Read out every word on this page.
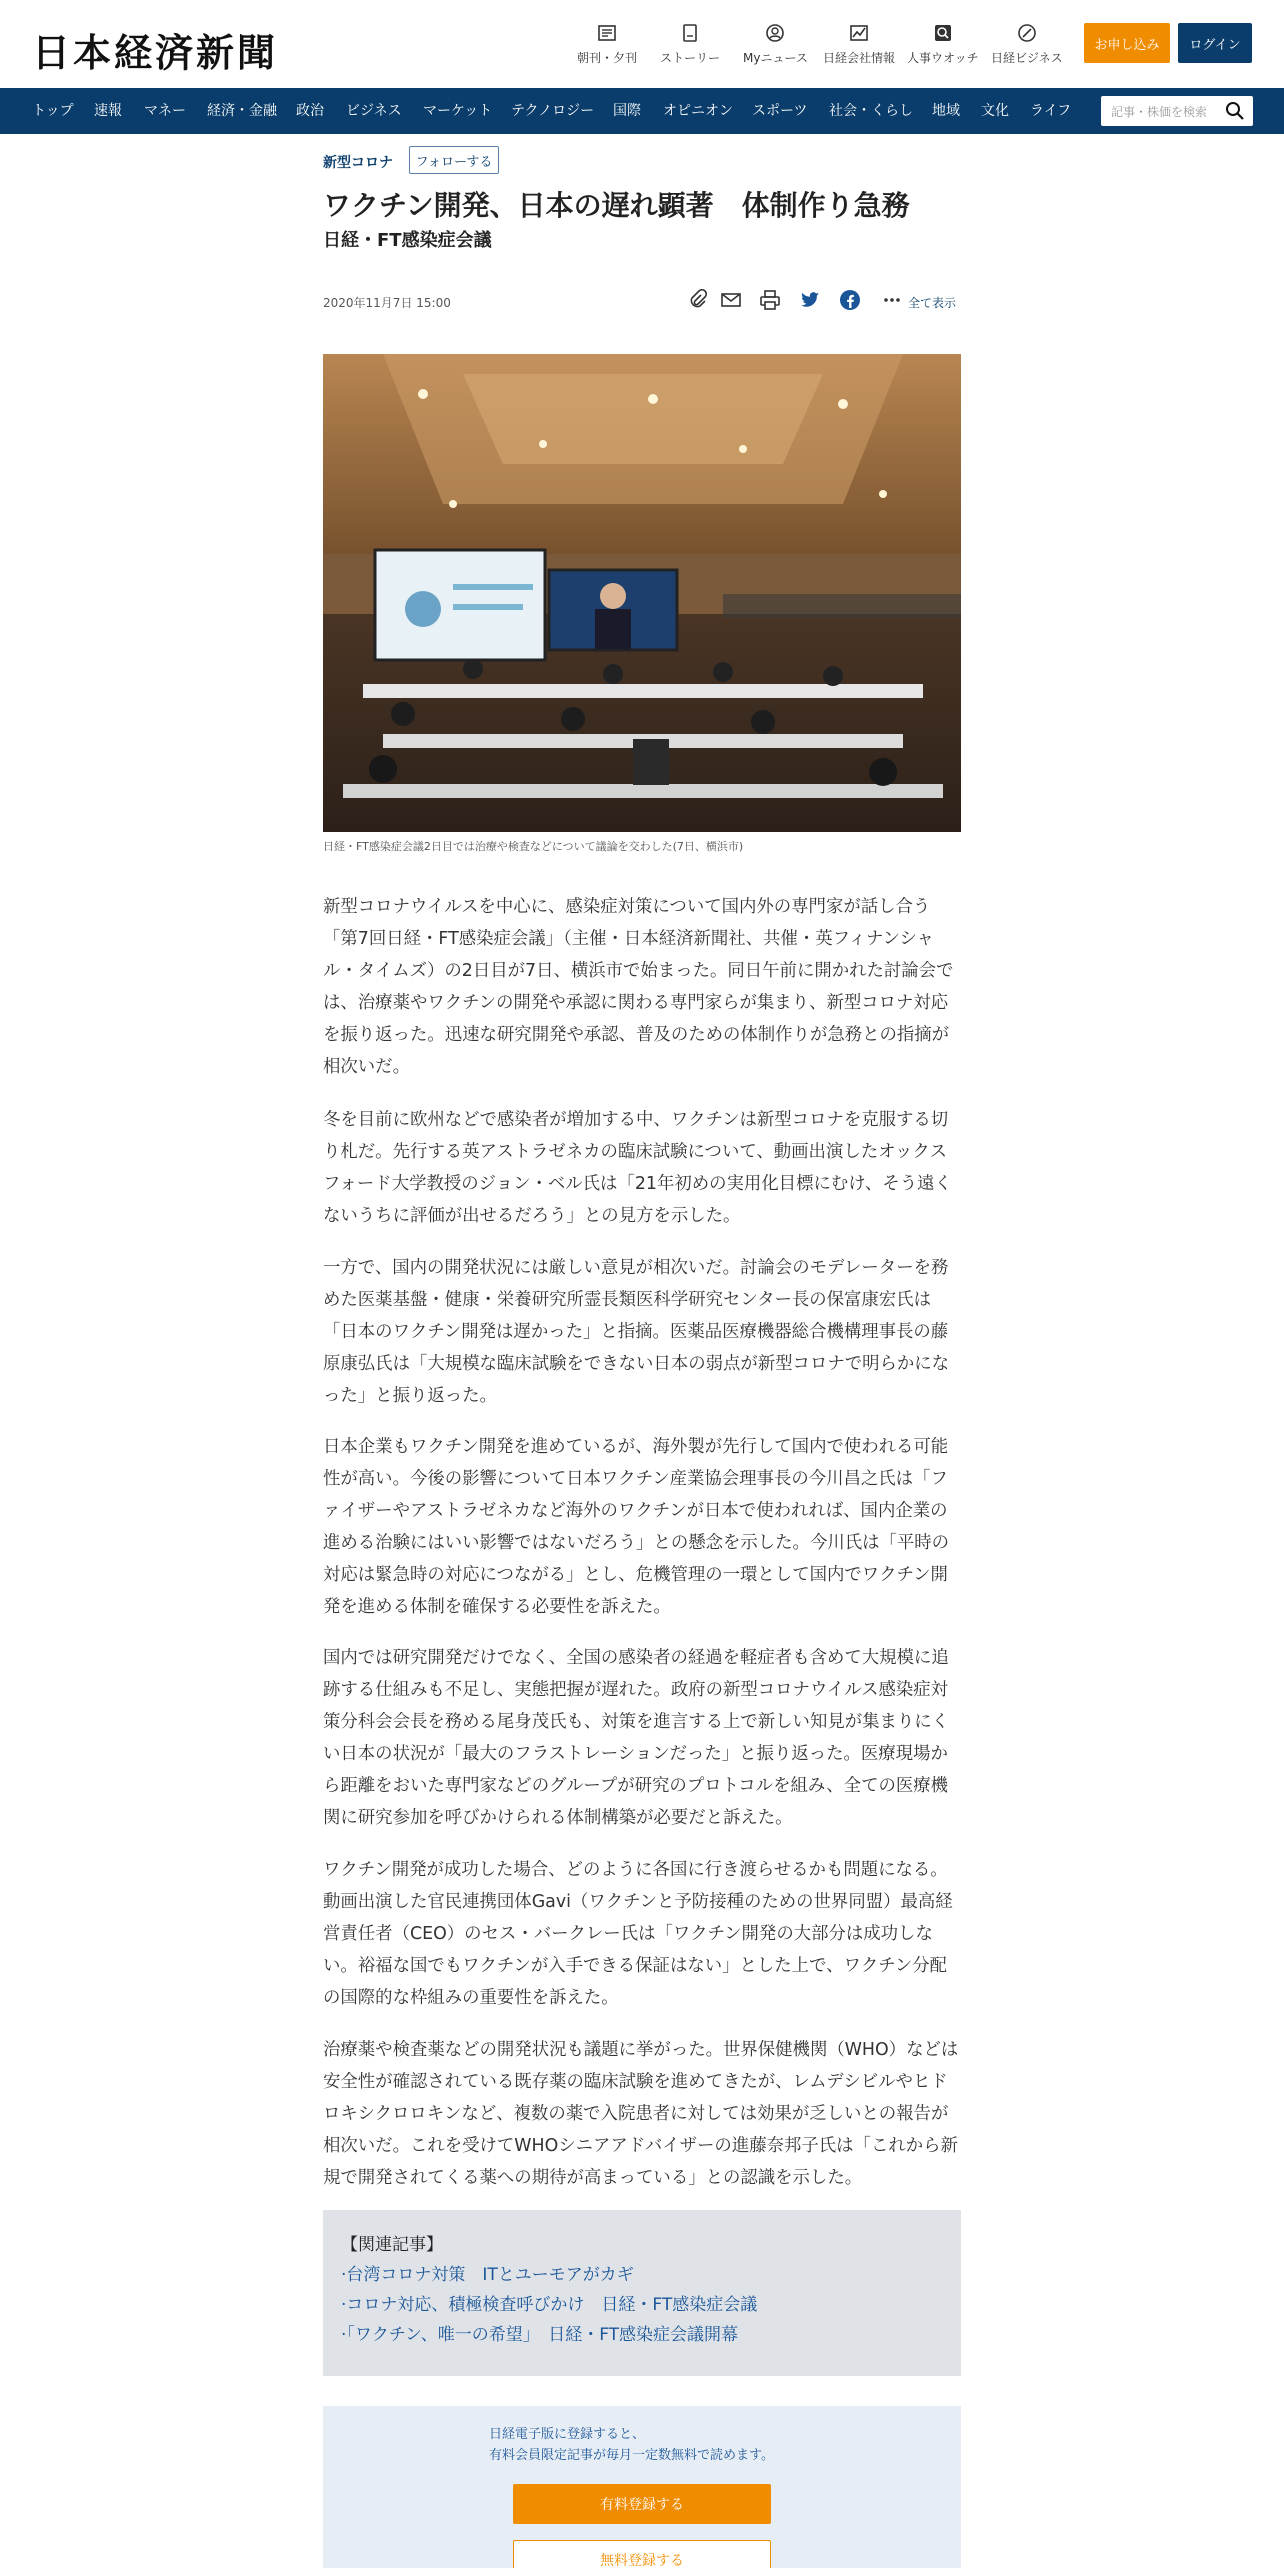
日本経済新聞	朝刊・夕刊 ストーリー Myニュース 日経会社情報 人事ウオッチ 日経ビジネス
お申し込み	ログイン
トップ 速報 マネー 経済・金融 政治 ビジネス マーケット テクノロジー 国際 オピニオン スポーツ 社会・くらし 地域 文化 ライフ	記事・株価を検索
新型コロナ	フォローする
ワクチン開発、日本の遅れ顕著　体制作り急務
日経・FT感染症会議
2020年11月7日 15:00	全て表示
日経・FT感染症会議2日目では治療や検査などについて議論を交わした(7日、横浜市)

新型コロナウイルスを中心に、感染症対策について国内外の専門家が話し合う「第7回日経・FT感染症会議」（主催・日本経済新聞社、共催・英フィナンシャル・タイムズ）の2日目が7日、横浜市で始まった。同日午前に開かれた討論会では、治療薬やワクチンの開発や承認に関わる専門家らが集まり、新型コロナ対応を振り返った。迅速な研究開発や承認、普及のための体制作りが急務との指摘が相次いだ。

冬を目前に欧州などで感染者が増加する中、ワクチンは新型コロナを克服する切り札だ。先行する英アストラゼネカの臨床試験について、動画出演したオックスフォード大学教授のジョン・ベル氏は「21年初めの実用化目標にむけ、そう遠くないうちに評価が出せるだろう」との見方を示した。

一方で、国内の開発状況には厳しい意見が相次いだ。討論会のモデレーターを務めた医薬基盤・健康・栄養研究所霊長類医科学研究センター長の保富康宏氏は「日本のワクチン開発は遅かった」と指摘。医薬品医療機器総合機構理事長の藤原康弘氏は「大規模な臨床試験をできない日本の弱点が新型コロナで明らかになった」と振り返った。

日本企業もワクチン開発を進めているが、海外製が先行して国内で使われる可能性が高い。今後の影響について日本ワクチン産業協会理事長の今川昌之氏は「ファイザーやアストラゼネカなど海外のワクチンが日本で使われれば、国内企業の進める治験にはいい影響ではないだろう」との懸念を示した。今川氏は「平時の対応は緊急時の対応につながる」とし、危機管理の一環として国内でワクチン開発を進める体制を確保する必要性を訴えた。

国内では研究開発だけでなく、全国の感染者の経過を軽症者も含めて大規模に追跡する仕組みも不足し、実態把握が遅れた。政府の新型コロナウイルス感染症対策分科会会長を務める尾身茂氏も、対策を進言する上で新しい知見が集まりにくい日本の状況が「最大のフラストレーションだった」と振り返った。医療現場から距離をおいた専門家などのグループが研究のプロトコルを組み、全ての医療機関に研究参加を呼びかけられる体制構築が必要だと訴えた。

ワクチン開発が成功した場合、どのように各国に行き渡らせるかも問題になる。動画出演した官民連携団体Gavi（ワクチンと予防接種のための世界同盟）最高経営責任者（CEO）のセス・バークレー氏は「ワクチン開発の大部分は成功しない。裕福な国でもワクチンが入手できる保証はない」とした上で、ワクチン分配の国際的な枠組みの重要性を訴えた。

治療薬や検査薬などの開発状況も議題に挙がった。世界保健機関（WHO）などは安全性が確認されている既存薬の臨床試験を進めてきたが、レムデシビルやヒドロキシクロロキンなど、複数の薬で入院患者に対しては効果が乏しいとの報告が相次いだ。これを受けてWHOシニアアドバイザーの進藤奈邦子氏は「これから新規で開発されてくる薬への期待が高まっている」との認識を示した。

【関連記事】
·台湾コロナ対策　ITとユーモアがカギ
·コロナ対応、積極検査呼びかけ　日経・FT感染症会議
·「ワクチン、唯一の希望」　日経・FT感染症会議開幕
日経電子版に登録すると、
有料会員限定記事が毎月一定数無料で読めます。
有料登録する
無料登録する
